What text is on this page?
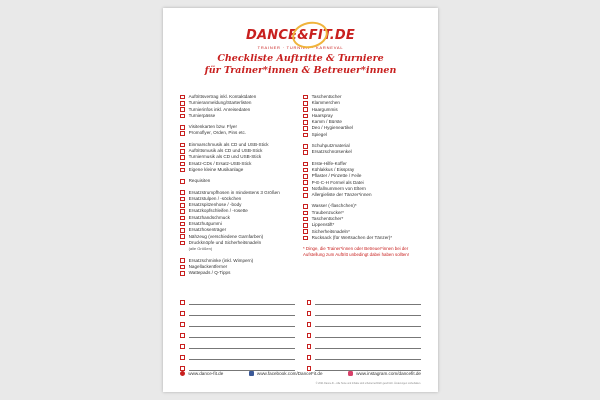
DANCE&FIT.DE
TRAINER · TURNIER · KARNEVAL
Checkliste Auftritte & Turniere
für Trainer*innen & Betreuer*innen
Auftrittsvertrag inkl. Kontaktdaten
Turnieranmeldung/Starterlisten
Turnierinfos inkl. Anreisedaten
Turnierpässe
Visitenkarten bzw. Flyer
Promoflyer, Orden, Pins etc.
Einmarschmusik als CD und USB-Stick
Auftrittsmusik als CD und USB-Stick
Turniermusik als CD und USB-Stick
Ersatz-CDs / Ersatz-USB-Stick
Eigene kleine Musikanlage
Requisiten
Ersatzstrumpfhosen in mindestens 3 Größen
Ersatzstulpen / -söckchen
Ersatzspitzenhose / -body
Ersatzkopfschleifen / -rosette
Ersatzhandschmuck
Ersatzhutgummi
Ersatzhosenträger
Nähzeug (verschiedene Garnfarben)
Druckknöpfe und Sicherheitsnadeln
(alle Größen)
Ersatzschminke (inkl. Wimpern)
Nagellackentferner
Wattepads / Q-Tipps
Taschentücher
Klammerchen
Haargummis
Haarspray
Kamm / Bürste
Deo / Hygieneartikel
Spiegel
Schuhputzmaterial
Ersatzschnürsenkel
Erste-Hilfe-Koffer
Kühlakkus / Eisspray
Pflaster / Pinzette / Feile
P-E-C-H Formel als Datei
Notfallnummern von Eltern
Allergieliste der Tänzer*innen
Wasser (-flaschchen)*
Traubenzucker*
Taschentücher*
Lippenstift*
Sicherheitsnadeln*
Rucksack (für Wertsachen der Tänzer)*
* Dinge, die Trainer*innen oder Betreuer*innen bei der Aufstellung zum Auftritt unbedingt dabei haben sollten!
www.dance-fit.de	www.facebook.com/DanceFit.de	www.instagram.com/dancefit.de
© 2021 Dance-fit – Alle Texte und Inhalte sind urheberrechtlich geschützt. Änderungen vorbehalten.
